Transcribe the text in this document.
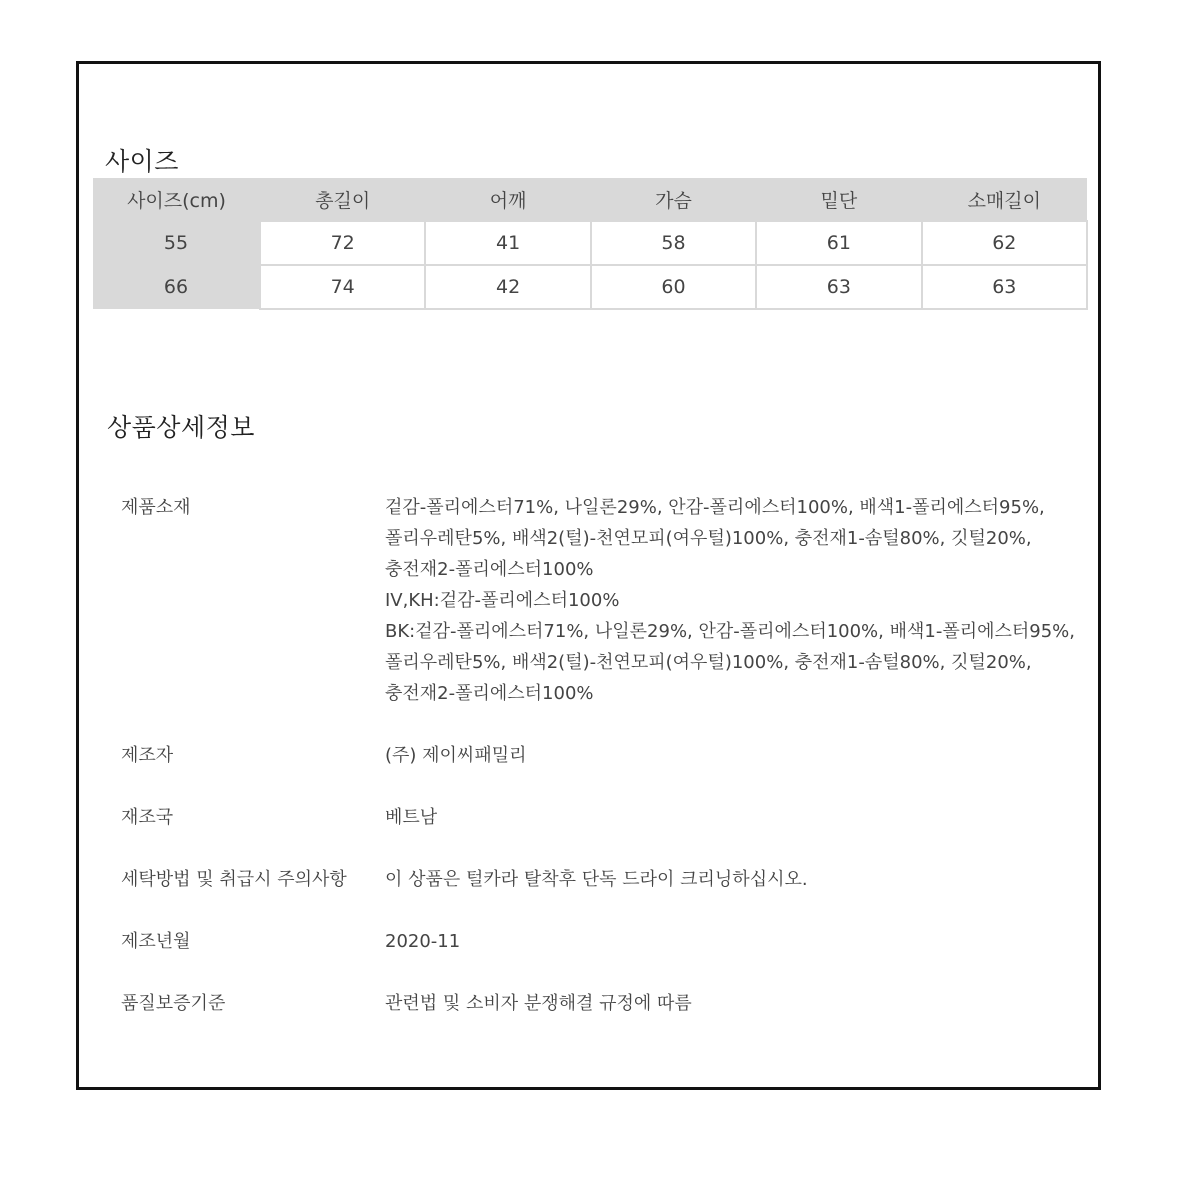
사이즈
사이즈(cm)	총길이	어깨	가슴	밑단	소매길이
55	72	41	58	61	62
66	74	42	60	63	63
상품상세정보
제품소재	겉감-폴리에스터71%, 나일론29%, 안감-폴리에스터100%, 배색1-폴리에스터95%,
폴리우레탄5%, 배색2(털)-천연모피(여우털)100%, 충전재1-솜털80%, 깃털20%,
충전재2-폴리에스터100%
IV,KH:겉감-폴리에스터100%
BK:겉감-폴리에스터71%, 나일론29%, 안감-폴리에스터100%, 배색1-폴리에스터95%,
폴리우레탄5%, 배색2(털)-천연모피(여우털)100%, 충전재1-솜털80%, 깃털20%,
충전재2-폴리에스터100%
제조자	(주) 제이씨패밀리
재조국	베트남
세탁방법 및 취급시 주의사항	이 상품은 털카라 탈착후 단독 드라이 크리닝하십시오.
제조년월	2020-11
품질보증기준	관련법 및 소비자 분쟁해결 규정에 따름
